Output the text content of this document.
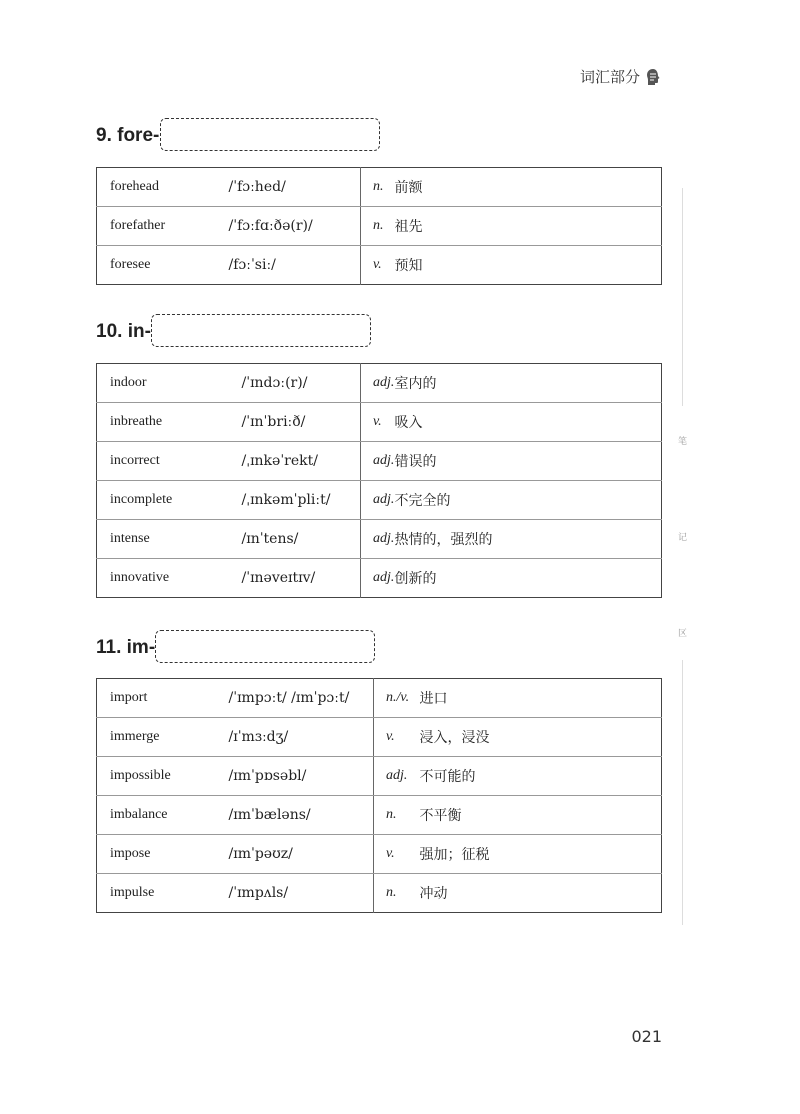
词汇部分
9. fore-
forehead	/ˈfɔːhed/	n.	前额
forefather	/ˈfɔːfɑːðə(r)/	n.	祖先
foresee	/fɔːˈsiː/	v.	预知
10. in-
indoor	/ˈɪndɔː(r)/	adj.	室内的
inbreathe	/ˈɪnˈbriːð/	v.	吸入
incorrect	/ˌɪnkəˈrekt/	adj.	错误的
incomplete	/ˌɪnkəmˈpliːt/	adj.	不完全的
intense	/ɪnˈtens/	adj.	热情的，强烈的
innovative	/ˈɪnəveɪtɪv/	adj.	创新的
11. im-
import	/ˈɪmpɔːt/ /ɪmˈpɔːt/	n./v.	进口
immerge	/ɪˈmɜːdʒ/	v.	浸入，浸没
impossible	/ɪmˈpɒsəbl/	adj.	不可能的
imbalance	/ɪmˈbæləns/	n.	不平衡
impose	/ɪmˈpəʊz/	v.	强加；征税
impulse	/ˈɪmpʌls/	n.	冲动
笔
记
区
021
